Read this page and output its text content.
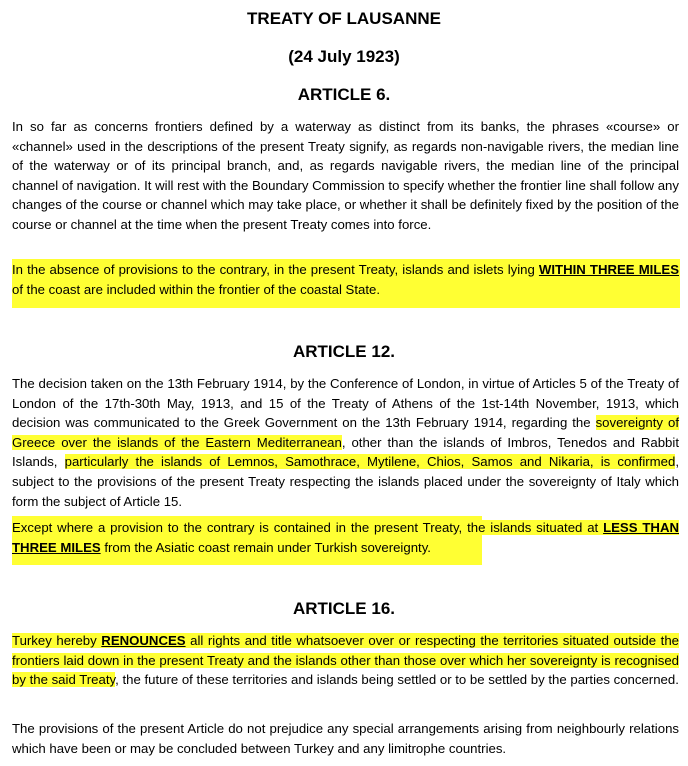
TREATY OF LAUSANNE
(24 July 1923)
ARTICLE 6.

In so far as concerns frontiers defined by a waterway as distinct from its banks, the phrases «course» or «channel» used in the descriptions of the present Treaty signify, as regards non-navigable rivers, the median line of the waterway or of its principal branch, and, as regards navigable rivers, the median line of the principal channel of navigation. It will rest with the Boundary Commission to specify whether the frontier line shall follow any changes of the course or channel which may take place, or whether it shall be definitely fixed by the position of the course or channel at the time when the present Treaty comes into force.

In the absence of provisions to the contrary, in the present Treaty, islands and islets lying WITHIN THREE MILES of the coast are included within the frontier of the coastal State.

ARTICLE 12.

The decision taken on the 13th February 1914, by the Conference of London, in virtue of Articles 5 of the Treaty of London of the 17th-30th May, 1913, and 15 of the Treaty of Athens of the 1st-14th November, 1913, which decision was communicated to the Greek Government on the 13th February 1914, regarding the sovereignty of Greece over the islands of the Eastern Mediterranean, other than the islands of Imbros, Tenedos and Rabbit Islands, particularly the islands of Lemnos, Samothrace, Mytilene, Chios, Samos and Nikaria, is confirmed, subject to the provisions of the present Treaty respecting the islands placed under the sovereignty of Italy which form the subject of Article 15.

Except where a provision to the contrary is contained in the present Treaty, the islands situated at LESS THAN THREE MILES from the Asiatic coast remain under Turkish sovereignty.

ARTICLE 16.

Turkey hereby RENOUNCES all rights and title whatsoever over or respecting the territories situated outside the frontiers laid down in the present Treaty and the islands other than those over which her sovereignty is recognised by the said Treaty, the future of these territories and islands being settled or to be settled by the parties concerned.

The provisions of the present Article do not prejudice any special arrangements arising from neighbourly relations which have been or may be concluded between Turkey and any limitrophe countries.
